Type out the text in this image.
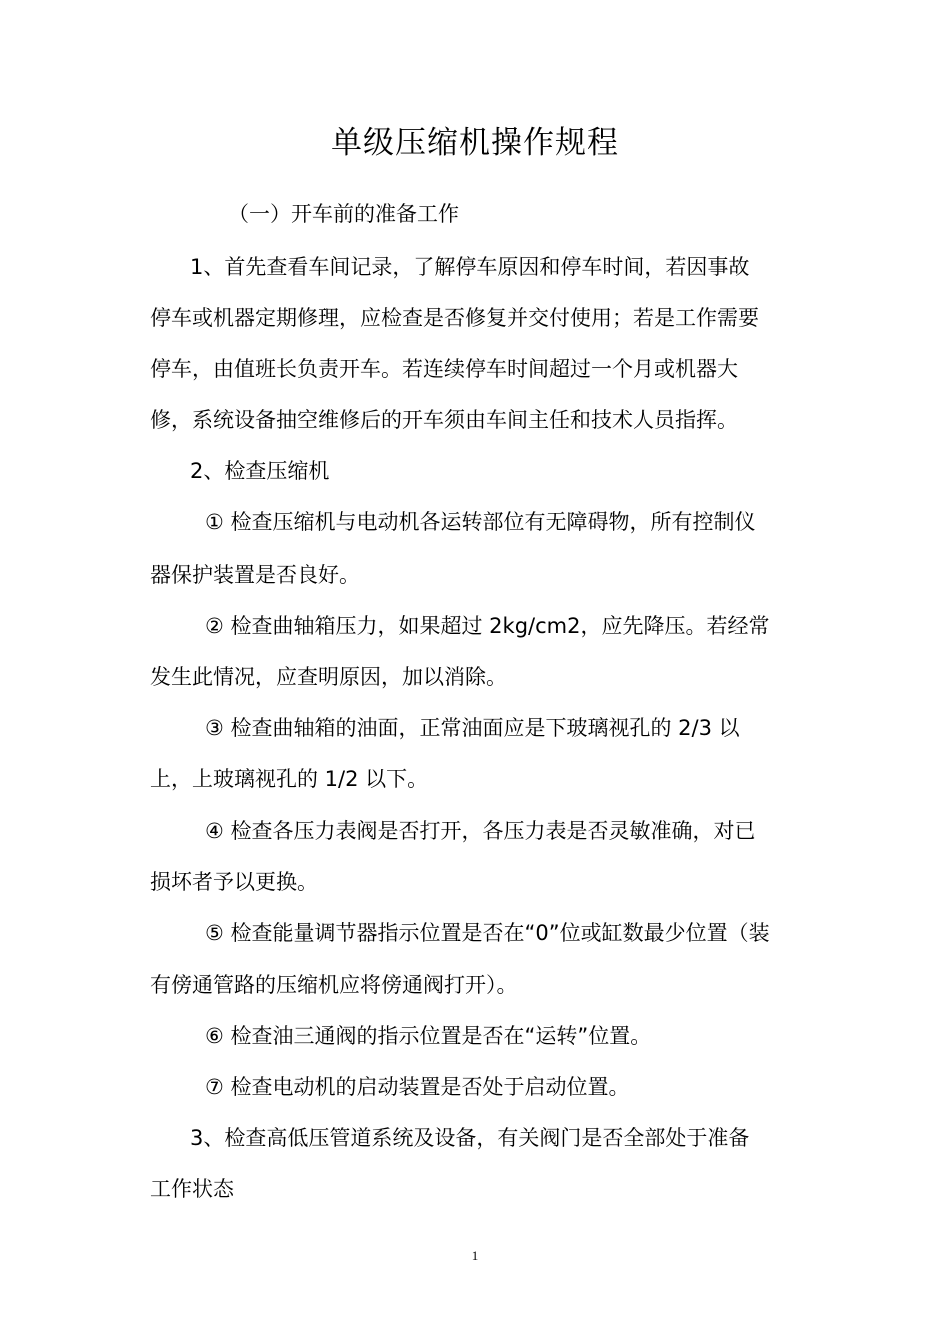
单级压缩机操作规程
（一）开车前的准备工作
1、首先查看车间记录，了解停车原因和停车时间，若因事故
停车或机器定期修理，应检查是否修复并交付使用；若是工作需要
停车，由值班长负责开车。若连续停车时间超过一个月或机器大
修，系统设备抽空维修后的开车须由车间主任和技术人员指挥。
2、检查压缩机
① 检查压缩机与电动机各运转部位有无障碍物，所有控制仪
器保护装置是否良好。
② 检查曲轴箱压力，如果超过 2kg/cm2，应先降压。若经常
发生此情况，应查明原因，加以消除。
③ 检查曲轴箱的油面，正常油面应是下玻璃视孔的 2/3 以
上，上玻璃视孔的 1/2 以下。
④ 检查各压力表阀是否打开，各压力表是否灵敏准确，对已
损坏者予以更换。
⑤ 检查能量调节器指示位置是否在“0”位或缸数最少位置（装
有傍通管路的压缩机应将傍通阀打开）。
⑥ 检查油三通阀的指示位置是否在“运转”位置。
⑦ 检查电动机的启动装置是否处于启动位置。
3、检查高低压管道系统及设备，有关阀门是否全部处于准备
工作状态
1
